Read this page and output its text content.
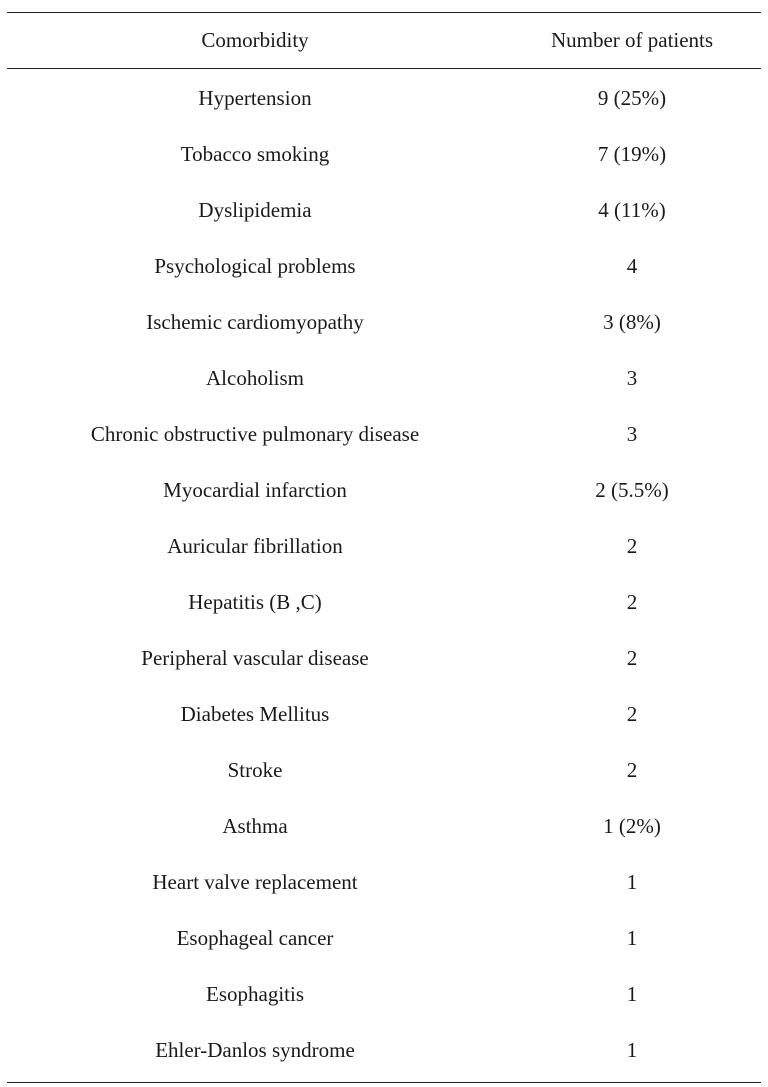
Comorbidity	Number of patients
Hypertension	9 (25%)
Tobacco smoking	7 (19%)
Dyslipidemia	4 (11%)
Psychological problems	4
Ischemic cardiomyopathy	3 (8%)
Alcoholism	3
Chronic obstructive pulmonary disease	3
Myocardial infarction	2 (5.5%)
Auricular fibrillation	2
Hepatitis (B ,C)	2
Peripheral vascular disease	2
Diabetes Mellitus	2
Stroke	2
Asthma	1 (2%)
Heart valve replacement	1
Esophageal cancer	1
Esophagitis	1
Ehler-Danlos syndrome	1
